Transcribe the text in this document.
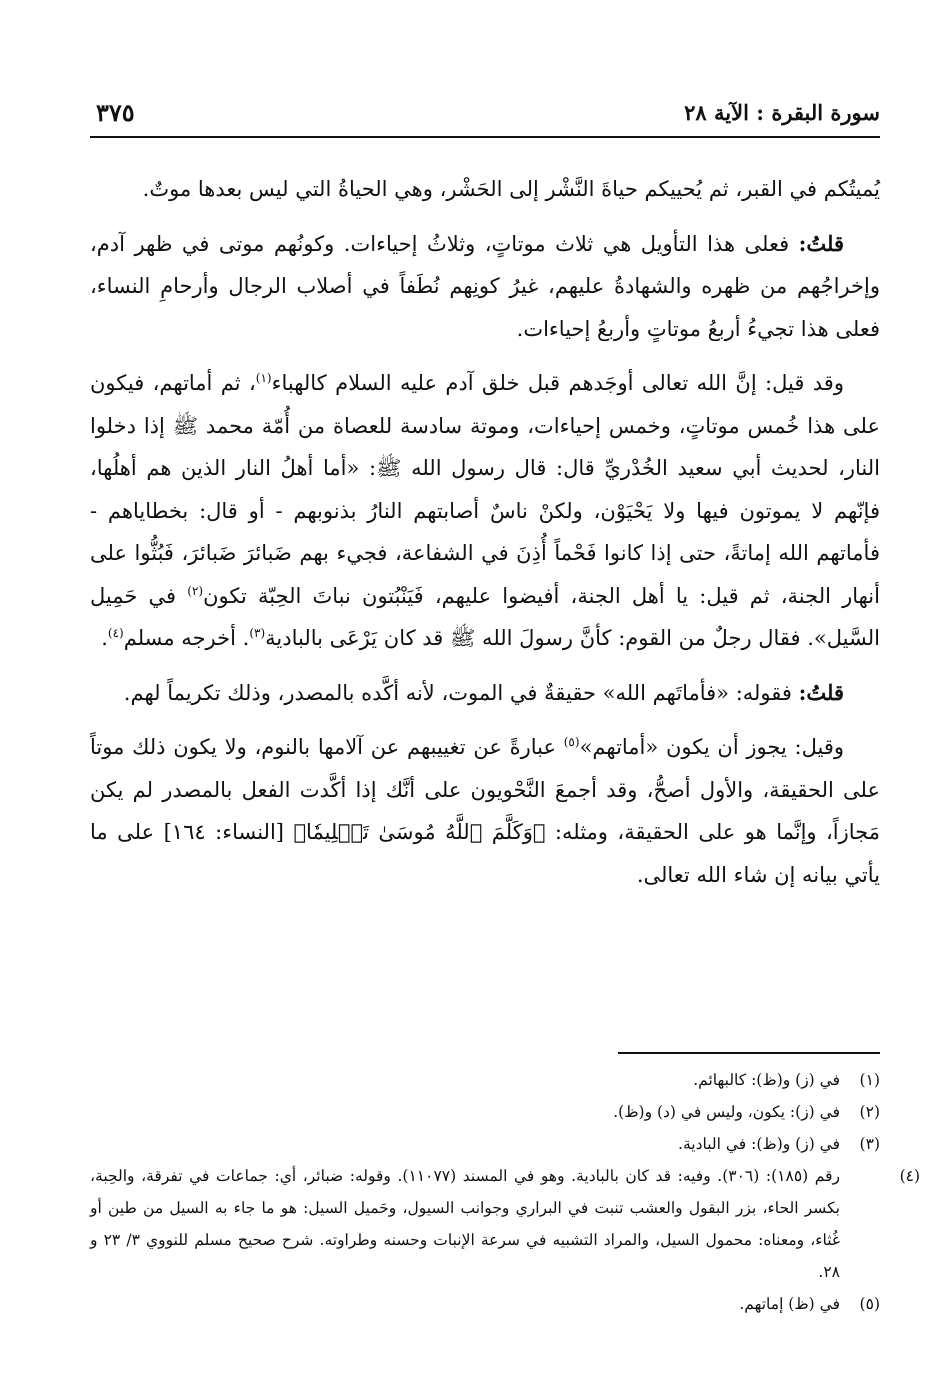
سورة البقرة : الآية ٢٨
٣٧٥

يُميتُكم في القبر، ثم يُحييكم حياةَ النَّشْر إلى الحَشْر، وهي الحياةُ التي ليس بعدها موتٌ.

قلتُ: فعلى هذا التأويل هي ثلاث موتاتٍ، وثلاثُ إحياءات. وكونُهم موتى في ظهر آدم، وإخراجُهم من ظهره والشهادةُ عليهم، غيرُ كونِهم نُطَفاً في أصلاب الرجال وأرحامِ النساء، فعلى هذا تجيءُ أربعُ موتاتٍ وأربعُ إحياءات.

وقد قيل: إنَّ الله تعالى أوجَدهم قبل خلق آدم عليه السلام كالهباء$^{(١)}$، ثم أماتهم، فيكون على هذا خُمس موتاتٍ، وخمس إحياءات، وموتة سادسة للعصاة من أُمّة محمد ﷺ إذا دخلوا النار، لحديث أبي سعيد الخُدْريِّ قال: قال رسول الله ﷺ: «أما أهلُ النار الذين هم أهلُها، فإنّهم لا يموتون فيها ولا يَحْيَوْن، ولكنْ ناسٌ أصابتهم النارُ بذنوبهم - أو قال: بخطاياهم - فأماتهم الله إماتةً، حتى إذا كانوا فَحْماً أُذِنَ في الشفاعة، فجيء بهم ضَبائرَ ضَبائرَ، فَبُثُّوا على أنهار الجنة، ثم قيل: يا أهل الجنة، أفيضوا عليهم، فَيَنْبُتون نباتَ الحِبّة تكون$^{(٢)}$ في حَمِيل السَّيل». فقال رجلٌ من القوم: كأنَّ رسولَ الله ﷺ قد كان يَرْعَى بالبادية$^{(٣)}$. أخرجه مسلم$^{(٤)}$.

قلتُ: فقوله: «فأماتَهم الله» حقيقةٌ في الموت، لأنه أكَّده بالمصدر، وذلك تكريماً لهم.

وقيل: يجوز أن يكون «أماتهم»$^{(٥)}$ عبارةً عن تغييبهم عن آلامها بالنوم، ولا يكون ذلك موتاً على الحقيقة، والأول أصحُّ، وقد أجمعَ النَّحْويون على أنَّك إذا أكَّدت الفعل بالمصدر لم يكن مَجازاً، وإنَّما هو على الحقيقة، ومثله: ﴿وَكَلَّمَ ٱللَّهُ مُوسَىٰ تَكۡلِيمٗا﴾ [النساء: ١٦٤] على ما يأتي بيانه إن شاء الله تعالى.

(١)في (ز) و(ظ): كالبهائم.
(٢)في (ز): يكون، وليس في (د) و(ظ).
(٣)في (ز) و(ظ): في البادية.
(٤)رقم (١٨٥): (٣٠٦). وفيه: قد كان بالبادية. وهو في المسند (١١٠٧٧). وقوله: ضبائر، أي: جماعات في تفرقة، والحِبة، بكسر الحاء، بزر البقول والعشب تنبت في البراري وجوانب السيول، وحَميل السيل: هو ما جاء به السيل من طين أو غُثاء، ومعناه: محمول السيل، والمراد التشبيه في سرعة الإنبات وحسنه وطراوته. شرح صحيح مسلم للنووي ٣/ ٢٣ و ٢٨.
(٥)في (ظ) إماتهم.
